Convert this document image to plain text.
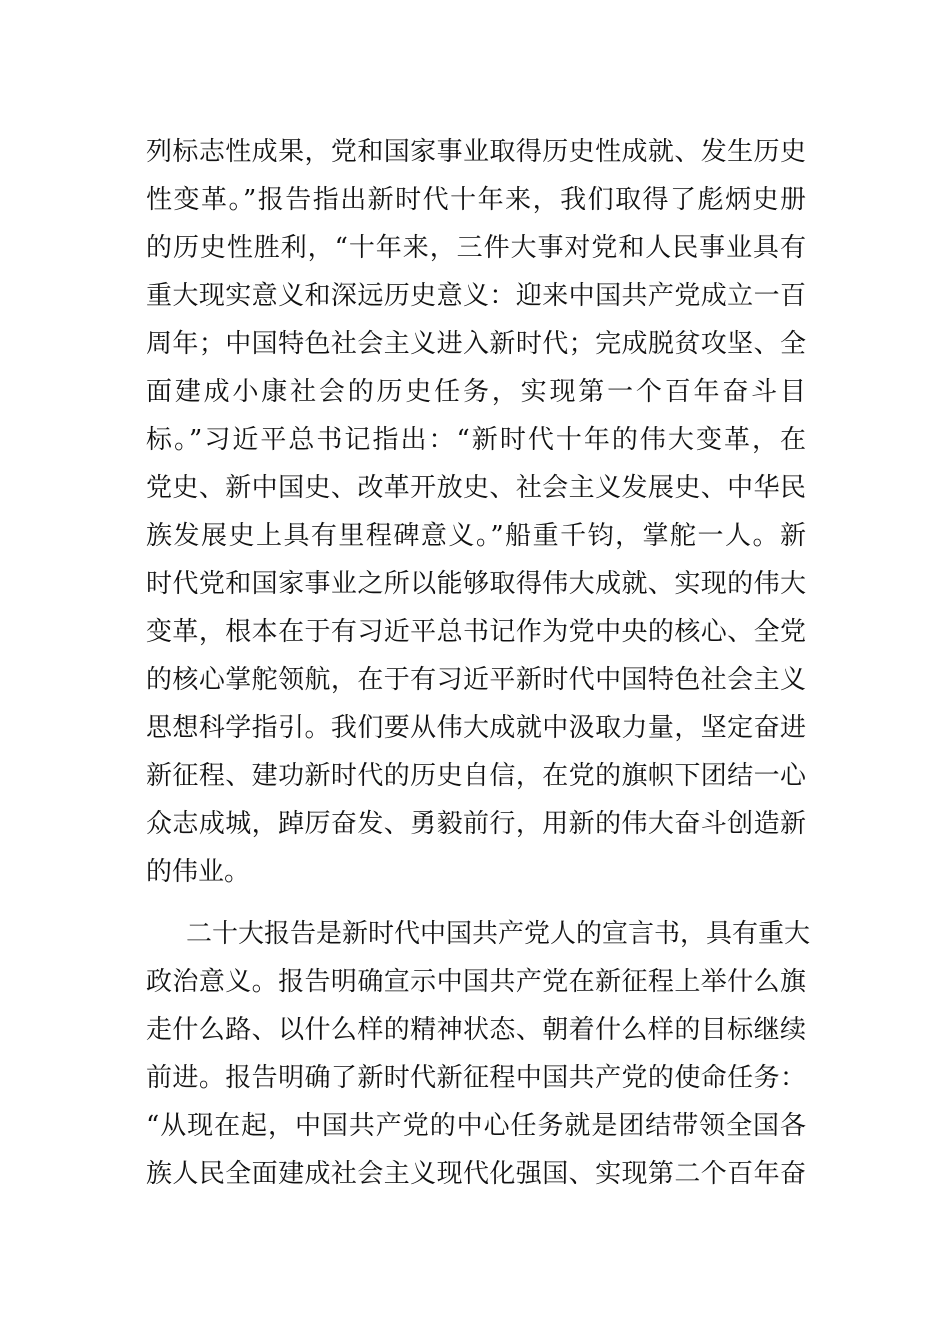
列标志性成果，党和国家事业取得历史性成就、发生历史
性变革。”报告指出新时代十年来，我们取得了彪炳史册
的历史性胜利，“十年来，三件大事对党和人民事业具有
重大现实意义和深远历史意义：迎来中国共产党成立一百
周年；中国特色社会主义进入新时代；完成脱贫攻坚、全
面建成小康社会的历史任务，实现第一个百年奋斗目
标。”习近平总书记指出：“新时代十年的伟大变革，在
党史、新中国史、改革开放史、社会主义发展史、中华民
族发展史上具有里程碑意义。”船重千钧，掌舵一人。新
时代党和国家事业之所以能够取得伟大成就、实现的伟大
变革，根本在于有习近平总书记作为党中央的核心、全党
的核心掌舵领航，在于有习近平新时代中国特色社会主义
思想科学指引。我们要从伟大成就中汲取力量，坚定奋进
新征程、建功新时代的历史自信，在党的旗帜下团结一心
众志成城，踔厉奋发、勇毅前行，用新的伟大奋斗创造新
的伟业。
二十大报告是新时代中国共产党人的宣言书，具有重大
政治意义。报告明确宣示中国共产党在新征程上举什么旗
走什么路、以什么样的精神状态、朝着什么样的目标继续
前进。报告明确了新时代新征程中国共产党的使命任务：
“从现在起，中国共产党的中心任务就是团结带领全国各
族人民全面建成社会主义现代化强国、实现第二个百年奋
